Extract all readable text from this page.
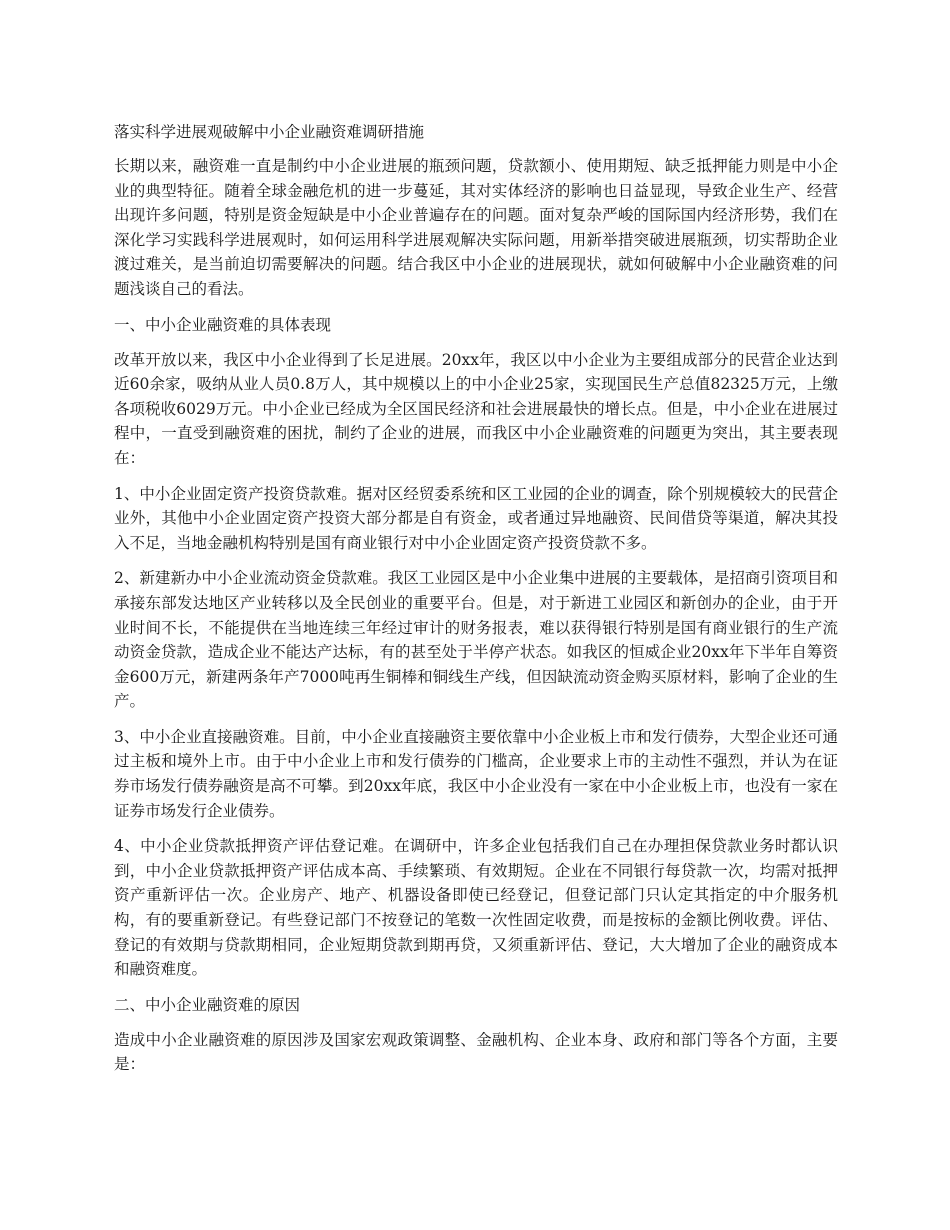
落实科学进展观破解中小企业融资难调研措施

长期以来，融资难一直是制约中小企业进展的瓶颈问题，贷款额小、使用期短、缺乏抵押能力则是中小企业的典型特征。随着全球金融危机的进一步蔓延，其对实体经济的影响也日益显现，导致企业生产、经营出现许多问题，特别是资金短缺是中小企业普遍存在的问题。面对复杂严峻的国际国内经济形势，我们在深化学习实践科学进展观时，如何运用科学进展观解决实际问题，用新举措突破进展瓶颈，切实帮助企业渡过难关，是当前迫切需要解决的问题。结合我区中小企业的进展现状，就如何破解中小企业融资难的问题浅谈自己的看法。

一、中小企业融资难的具体表现

改革开放以来，我区中小企业得到了长足进展。20xx年，我区以中小企业为主要组成部分的民营企业达到近60余家，吸纳从业人员0.8万人，其中规模以上的中小企业25家，实现国民生产总值82325万元，上缴各项税收6029万元。中小企业已经成为全区国民经济和社会进展最快的增长点。但是，中小企业在进展过程中，一直受到融资难的困扰，制约了企业的进展，而我区中小企业融资难的问题更为突出，其主要表现在：

1、中小企业固定资产投资贷款难。据对区经贸委系统和区工业园的企业的调查，除个别规模较大的民营企业外，其他中小企业固定资产投资大部分都是自有资金，或者通过异地融资、民间借贷等渠道，解决其投入不足，当地金融机构特别是国有商业银行对中小企业固定资产投资贷款不多。

2、新建新办中小企业流动资金贷款难。我区工业园区是中小企业集中进展的主要载体，是招商引资项目和承接东部发达地区产业转移以及全民创业的重要平台。但是，对于新进工业园区和新创办的企业，由于开业时间不长，不能提供在当地连续三年经过审计的财务报表，难以获得银行特别是国有商业银行的生产流动资金贷款，造成企业不能达产达标，有的甚至处于半停产状态。如我区的恒威企业20xx年下半年自筹资金600万元，新建两条年产7000吨再生铜棒和铜线生产线，但因缺流动资金购买原材料，影响了企业的生产。

3、中小企业直接融资难。目前，中小企业直接融资主要依靠中小企业板上市和发行债券，大型企业还可通过主板和境外上市。由于中小企业上市和发行债券的门槛高，企业要求上市的主动性不强烈，并认为在证券市场发行债券融资是高不可攀。到20xx年底，我区中小企业没有一家在中小企业板上市，也没有一家在证券市场发行企业债券。

4、中小企业贷款抵押资产评估登记难。在调研中，许多企业包括我们自己在办理担保贷款业务时都认识到，中小企业贷款抵押资产评估成本高、手续繁琐、有效期短。企业在不同银行每贷款一次，均需对抵押资产重新评估一次。企业房产、地产、机器设备即使已经登记，但登记部门只认定其指定的中介服务机构，有的要重新登记。有些登记部门不按登记的笔数一次性固定收费，而是按标的金额比例收费。评估、登记的有效期与贷款期相同，企业短期贷款到期再贷，又须重新评估、登记，大大增加了企业的融资成本和融资难度。

二、中小企业融资难的原因

造成中小企业融资难的原因涉及国家宏观政策调整、金融机构、企业本身、政府和部门等各个方面，主要是：
